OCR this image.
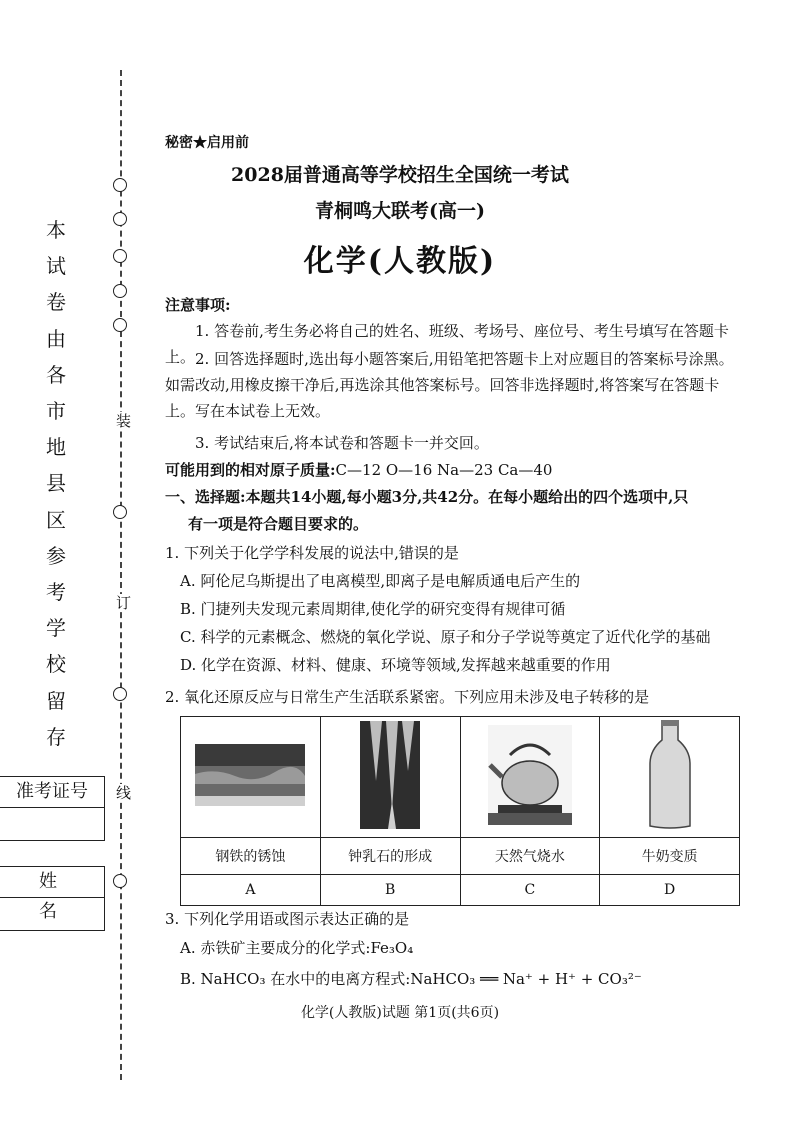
装
订
线
本
试
卷
由
各
市
地
县
区
参
考
学
校
留
存
准考证号
姓名
秘密★启用前
2028届普通高等学校招生全国统一考试
青桐鸣大联考(高一)
化学(人教版)
注意事项:
1. 答卷前,考生务必将自己的姓名、班级、考场号、座位号、考生号填写在答题卡上。 2. 回答选择题时,选出每小题答案后,用铅笔把答题卡上对应题目的答案标号涂黑。如需改动,用橡皮擦干净后,再选涂其他答案标号。回答非选择题时,将答案写在答题卡上。写在本试卷上无效。
3. 考试结束后,将本试卷和答题卡一并交回。
可能用到的相对原子质量:C—12 O—16 Na—23 Ca—40
一、选择题:本题共14小题,每小题3分,共42分。在每小题给出的四个选项中,只
有一项是符合题目要求的。
1. 下列关于化学学科发展的说法中,错误的是
A. 阿伦尼乌斯提出了电离模型,即离子是电解质通电后产生的
B. 门捷列夫发现元素周期律,使化学的研究变得有规律可循
C. 科学的元素概念、燃烧的氧化学说、原子和分子学说等奠定了近代化学的基础
D. 化学在资源、材料、健康、环境等领域,发挥越来越重要的作用
2. 氧化还原反应与日常生产生活联系紧密。下列应用未涉及电子转移的是

钢铁的锈蚀	钟乳石的形成	天然气烧水	牛奶变质
A	B	C	D
3. 下列化学用语或图示表达正确的是
A. 赤铁矿主要成分的化学式:Fe₃O₄
B. NaHCO₃ 在水中的电离方程式:NaHCO₃ ══ Na⁺ + H⁺ + CO₃²⁻
化学(人教版)试题 第1页(共6页)
